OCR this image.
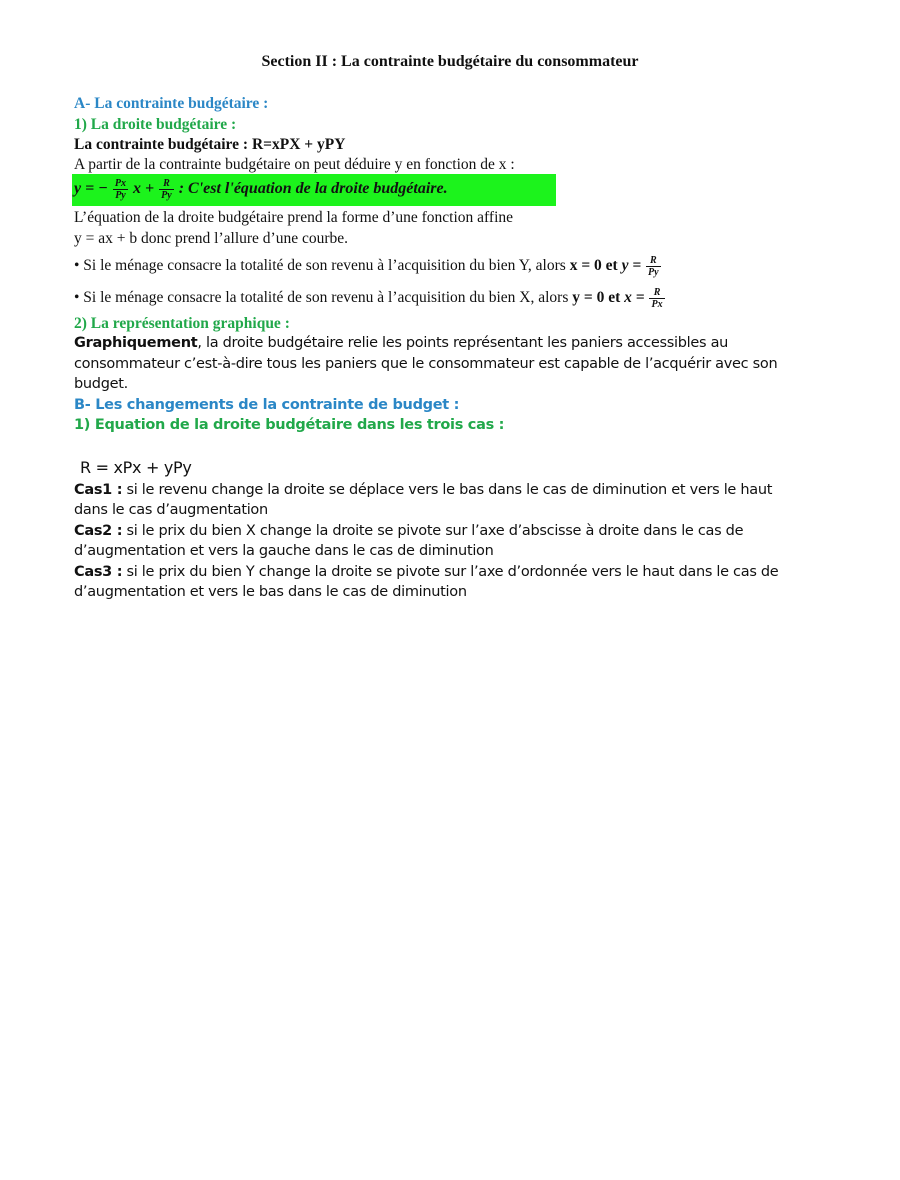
Section II : La contrainte budgétaire du consommateur
A- La contrainte budgétaire :
1) La droite budgétaire :
La contrainte budgétaire : R=xPX + yPY
A partir de la contrainte budgétaire on peut déduire y en fonction de x :
y = − $\frac{Px}{Py}$ $x + \frac{R}{Py}$ : C'est l'équation de la droite budgétaire.
L’équation de la droite budgétaire prend la forme d’une fonction affine
y = ax + b donc prend l’allure d’une courbe.
• Si le ménage consacre la totalité de son revenu à l’acquisition du bien Y, alors x = 0 et $y = \frac{R}{Py}$
• Si le ménage consacre la totalité de son revenu à l’acquisition du bien X, alors y = 0 et $x = \frac{R}{Px}$
2) La représentation graphique :
Graphiquement, la droite budgétaire relie les points représentant les paniers accessibles au
consommateur c’est-à-dire tous les paniers que le consommateur est capable de l’acquérir avec son
budget.
B- Les changements de la contrainte de budget :
1) Equation de la droite budgétaire dans les trois cas :
R = xPx + yPy
Cas1 : si le revenu change la droite se déplace vers le bas dans le cas de diminution et vers le haut
dans le cas d’augmentation
Cas2 : si le prix du bien X change la droite se pivote sur l’axe d’abscisse à droite dans le cas de
d’augmentation et vers la gauche dans le cas de diminution
Cas3 : si le prix du bien Y change la droite se pivote sur l’axe d’ordonnée vers le haut dans le cas de
d’augmentation et vers le bas dans le cas de diminution
